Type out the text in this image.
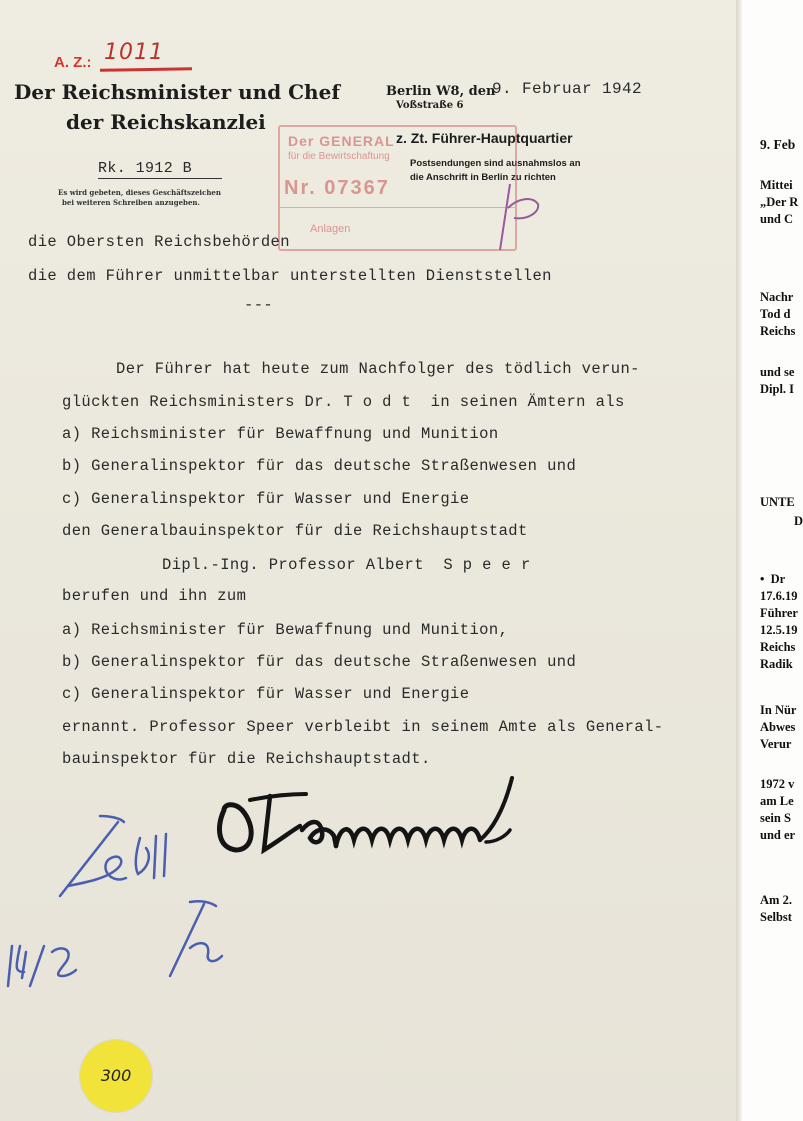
A. Z.: 1011
Der Reichsminister und Chef
der Reichskanzlei
Rk. 1912 B
Es wird gebeten, dieses Geschäftszeichen
bei weiteren Schreiben anzugeben.
Berlin W8, den
9. Februar 1942
Voßstraße 6
z. Zt. Führer-Hauptquartier
Postsendungen sind ausnahmslos an
die Anschrift in Berlin zu richten
Der GENERAL
für die Bewirtschaftung
Nr. 07367
Anlagen
die Obersten Reichsbehörden
die dem Führer unmittelbar unterstellten Dienststellen
---
Der Führer hat heute zum Nachfolger des tödlich verun-
glückten Reichsministers Dr. T o d t  in seinen Ämtern als
a) Reichsminister für Bewaffnung und Munition
b) Generalinspektor für das deutsche Straßenwesen und
c) Generalinspektor für Wasser und Energie
den Generalbauinspektor für die Reichshauptstadt
Dipl.-Ing. Professor Albert  S p e e r
berufen und ihn zum
a) Reichsminister für Bewaffnung und Munition,
b) Generalinspektor für das deutsche Straßenwesen und
c) Generalinspektor für Wasser und Energie
ernannt. Professor Speer verbleibt in seinem Amte als General-
bauinspektor für die Reichshauptstadt.
300
9. Feb
Mittei
„Der R
und C
Nachr
Tod d
Reichs
und se
Dipl. I
UNTE
D
•  Dr
17.6.19
Führer
12.5.19
Reichs
Radik
In Nür
Abwes
Verur
1972 v
am Le
sein S
und er
Am 2.
Selbst
